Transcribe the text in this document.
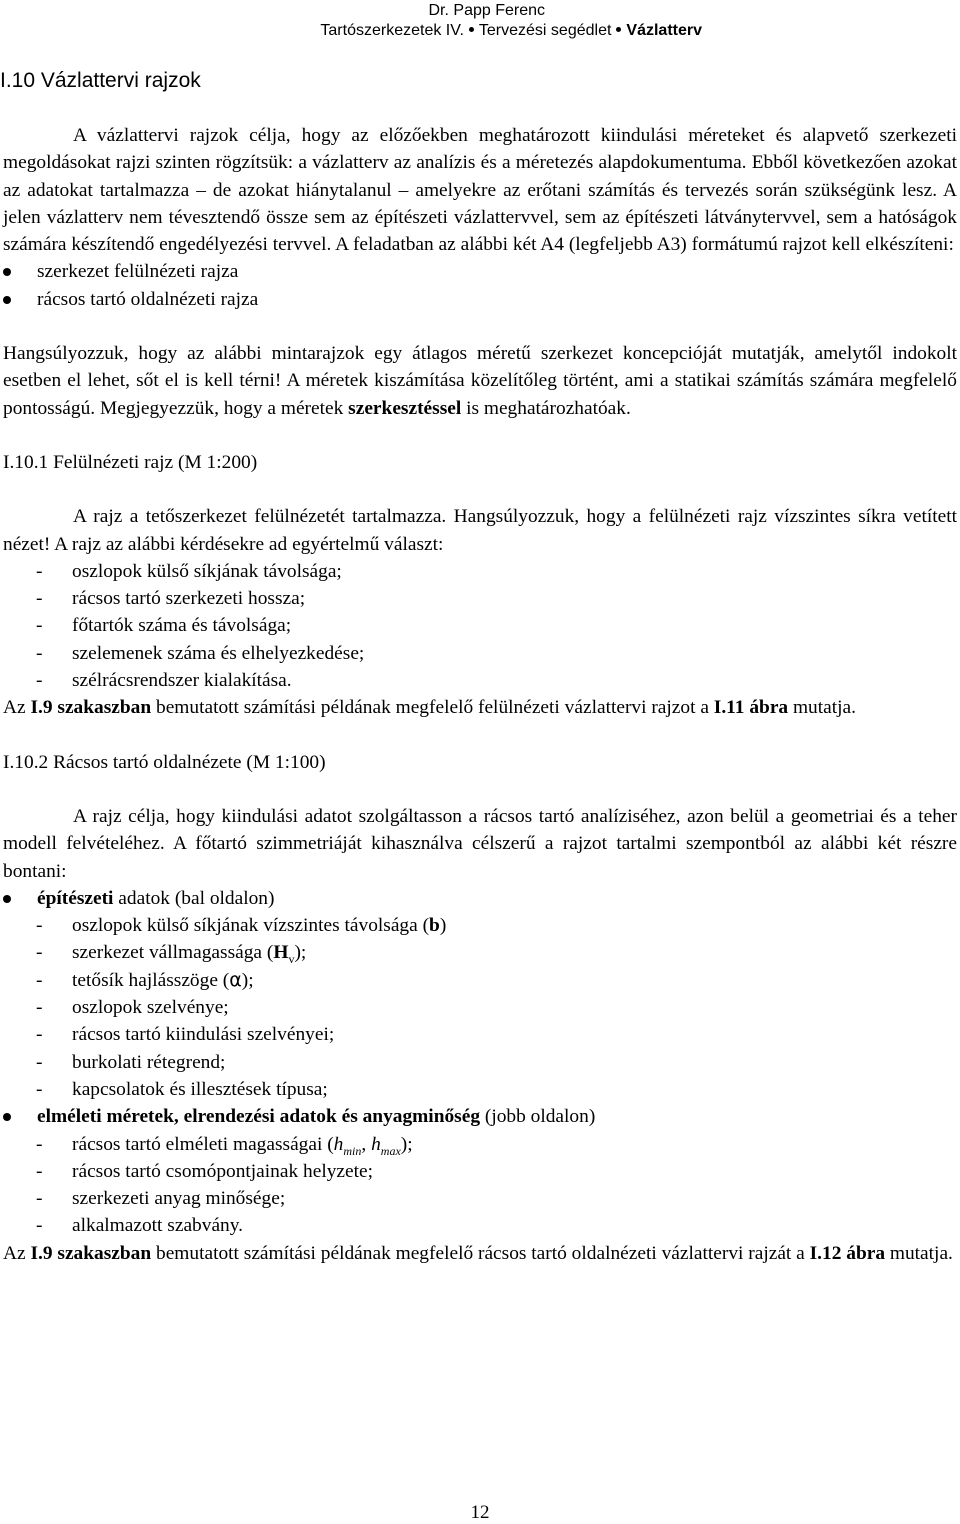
Dr. Papp Ferenc
Tartószerkezetek IV. Tervezési segédlet Vázlatterv
I.10 Vázlattervi rajzok

A vázlattervi rajzok célja, hogy az előzőekben meghatározott kiindulási méreteket és alapvető szerkezeti megoldásokat rajzi szinten rögzítsük: a vázlatterv az analízis és a méretezés alapdokumentuma. Ebből következően azokat az adatokat tartalmazza – de azokat hiánytalanul – amelyekre az erőtani számítás és tervezés során szükségünk lesz. A jelen vázlatterv nem tévesztendő össze sem az építészeti vázlattervvel, sem az építészeti látványtervvel, sem a hatóságok számára készítendő engedélyezési tervvel. A feladatban az alábbi két A4 (legfeljebb A3) formátumú rajzot kell elkészíteni:

szerkezet felülnézeti rajza
rácsos tartó oldalnézeti rajza

Hangsúlyozzuk, hogy az alábbi mintarajzok egy átlagos méretű szerkezet koncepcióját mutatják, amelytől indokolt esetben el lehet, sőt el is kell térni! A méretek kiszámítása közelítőleg történt, ami a statikai számítás számára megfelelő pontosságú. Megjegyezzük, hogy a méretek szerkesztéssel is meghatározhatóak.

I.10.1 Felülnézeti rajz (M 1:200)

A rajz a tetőszerkezet felülnézetét tartalmazza. Hangsúlyozzuk, hogy a felülnézeti rajz vízszintes síkra vetített nézet! A rajz az alábbi kérdésekre ad egyértelmű választ:

- oszlopok külső síkjának távolsága;
- rácsos tartó szerkezeti hossza;
- főtartók száma és távolsága;
- szelemenek száma és elhelyezkedése;
- szélrácsrendszer kialakítása.

Az I.9 szakaszban bemutatott számítási példának megfelelő felülnézeti vázlattervi rajzot a I.11 ábra mutatja.

I.10.2 Rácsos tartó oldalnézete (M 1:100)

A rajz célja, hogy kiindulási adatot szolgáltasson a rácsos tartó analíziséhez, azon belül a geometriai és a teher modell felvételéhez. A főtartó szimmetriáját kihasználva célszerű a rajzot tartalmi szempontból az alábbi két részre bontani:

építészeti adatok (bal oldalon)
- oszlopok külső síkjának vízszintes távolsága (b)
- szerkezet vállmagassága $(H_v)$;
- tetősík hajlásszöge (α);
- oszlopok szelvénye;
- rácsos tartó kiindulási szelvényei;
- burkolati rétegrend;
- kapcsolatok és illesztések típusa;
elméleti méretek, elrendezési adatok és anyagminőség (jobb oldalon)
- rácsos tartó elméleti magasságai ($h_{min}$, $h_{max}$);
- rácsos tartó csomópontjainak helyzete;
- szerkezeti anyag minősége;
- alkalmazott szabvány.

Az I.9 szakaszban bemutatott számítási példának megfelelő rácsos tartó oldalnézeti vázlattervi rajzát a I.12 ábra mutatja.

12
